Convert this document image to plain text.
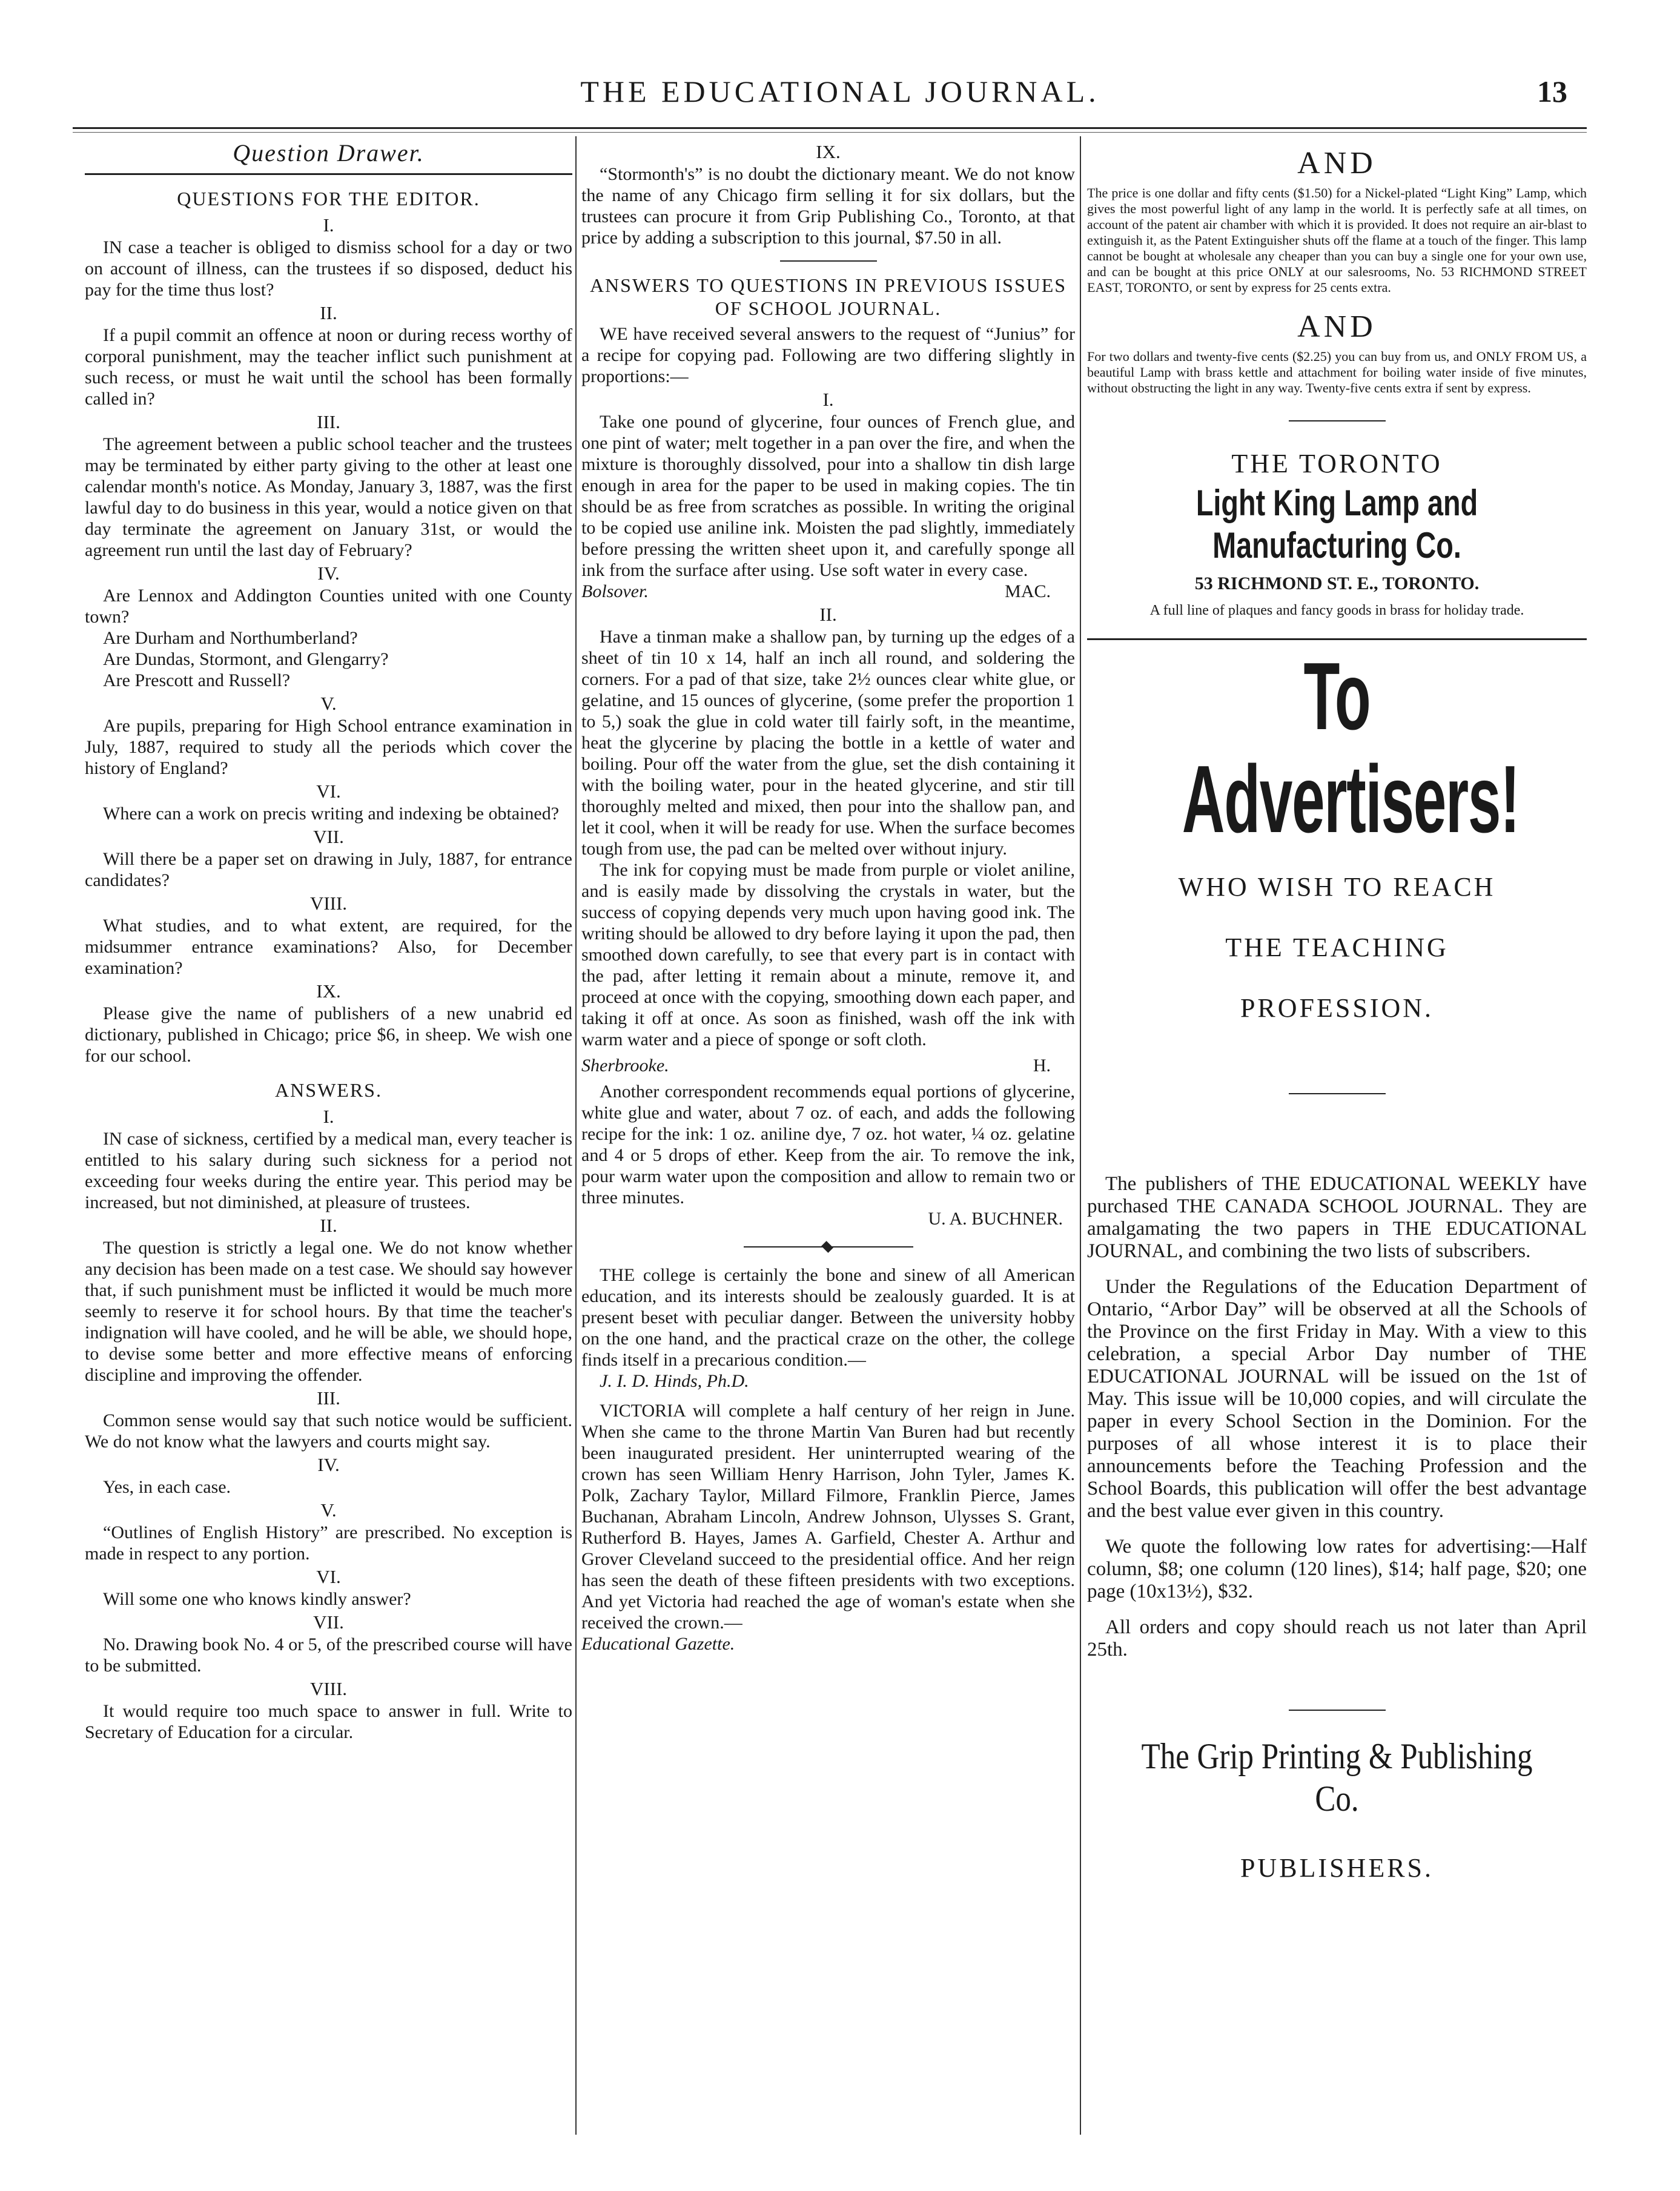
THE EDUCATIONAL JOURNAL.	13
Question Drawer.
QUESTIONS FOR THE EDITOR.
I.

IN case a teacher is obliged to dismiss school for a day or two on account of illness, can the trustees if so disposed, deduct his pay for the time thus lost?

II.

If a pupil commit an offence at noon or during recess worthy of corporal punishment, may the teacher inflict such punishment at such recess, or must he wait until the school has been formally called in?

III.

The agreement between a public school teacher and the trustees may be terminated by either party giving to the other at least one calendar month's notice. As Monday, January 3, 1887, was the first lawful day to do business in this year, would a notice given on that day terminate the agreement on January 31st, or would the agreement run until the last day of February?

IV.

Are Lennox and Addington Counties united with one County town?

Are Durham and Northumberland?

Are Dundas, Stormont, and Glengarry?

Are Prescott and Russell?

V.

Are pupils, preparing for High School entrance examination in July, 1887, required to study all the periods which cover the history of England?

VI.

Where can a work on precis writing and indexing be obtained?

VII.

Will there be a paper set on drawing in July, 1887, for entrance candidates?

VIII.

What studies, and to what extent, are required, for the midsummer entrance examinations? Also, for December examination?

IX.

Please give the name of publishers of a new unabrid ed dictionary, published in Chicago; price $6, in sheep. We wish one for our school.

ANSWERS.
I.

IN case of sickness, certified by a medical man, every teacher is entitled to his salary during such sickness for a period not exceeding four weeks during the entire year. This period may be increased, but not diminished, at pleasure of trustees.

II.

The question is strictly a legal one. We do not know whether any decision has been made on a test case. We should say however that, if such punishment must be inflicted it would be much more seemly to reserve it for school hours. By that time the teacher's indignation will have cooled, and he will be able, we should hope, to devise some better and more effective means of enforcing discipline and improving the offender.

III.

Common sense would say that such notice would be sufficient. We do not know what the lawyers and courts might say.

IV.

Yes, in each case.

V.

“Outlines of English History” are prescribed. No exception is made in respect to any portion.

VI.

Will some one who knows kindly answer?

VII.

No. Drawing book No. 4 or 5, of the prescribed course will have to be submitted.

VIII.

It would require too much space to answer in full. Write to Secretary of Education for a circular.

IX.

“Stormonth's” is no doubt the dictionary meant. We do not know the name of any Chicago firm selling it for six dollars, but the trustees can procure it from Grip Publishing Co., Toronto, at that price by adding a subscription to this journal, $7.50 in all.

ANSWERS TO QUESTIONS IN PREVIOUS ISSUES OF SCHOOL JOURNAL.

WE have received several answers to the request of “Junius” for a recipe for copying pad. Following are two differing slightly in proportions:—

I.

Take one pound of glycerine, four ounces of French glue, and one pint of water; melt together in a pan over the fire, and when the mixture is thoroughly dissolved, pour into a shallow tin dish large enough in area for the paper to be used in making copies. The tin should be as free from scratches as possible. In writing the original to be copied use aniline ink. Moisten the pad slightly, immediately before pressing the written sheet upon it, and carefully sponge all ink from the surface after using. Use soft water in every case.

Bolsover.	MAC.
II.

Have a tinman make a shallow pan, by turning up the edges of a sheet of tin 10 x 14, half an inch all round, and soldering the corners. For a pad of that size, take 2½ ounces clear white glue, or gelatine, and 15 ounces of glycerine, (some prefer the proportion 1 to 5,) soak the glue in cold water till fairly soft, in the meantime, heat the glycerine by placing the bottle in a kettle of water and boiling. Pour off the water from the glue, set the dish containing it with the boiling water, pour in the heated glycerine, and stir till thoroughly melted and mixed, then pour into the shallow pan, and let it cool, when it will be ready for use. When the surface becomes tough from use, the pad can be melted over without injury.

The ink for copying must be made from purple or violet aniline, and is easily made by dissolving the crystals in water, but the success of copying depends very much upon having good ink. The writing should be allowed to dry before laying it upon the pad, then smoothed down carefully, to see that every part is in contact with the pad, after letting it remain about a minute, remove it, and proceed at once with the copying, smoothing down each paper, and taking it off at once. As soon as finished, wash off the ink with warm water and a piece of sponge or soft cloth.

Sherbrooke.	H.

Another correspondent recommends equal portions of glycerine, white glue and water, about 7 oz. of each, and adds the following recipe for the ink: 1 oz. aniline dye, 7 oz. hot water, ¼ oz. gelatine and 4 or 5 drops of ether. Keep from the air. To remove the ink, pour warm water upon the composition and allow to remain two or three minutes.

U. A. BUCHNER.

THE college is certainly the bone and sinew of all American education, and its interests should be zealously guarded. It is at present beset with peculiar danger. Between the university hobby on the one hand, and the practical craze on the other, the college finds itself in a precarious condition.—

J. I. D. Hinds, Ph.D.

VICTORIA will complete a half century of her reign in June. When she came to the throne Martin Van Buren had but recently been inaugurated president. Her uninterrupted wearing of the crown has seen William Henry Harrison, John Tyler, James K. Polk, Zachary Taylor, Millard Filmore, Franklin Pierce, James Buchanan, Abraham Lincoln, Andrew Johnson, Ulysses S. Grant, Rutherford B. Hayes, James A. Garfield, Chester A. Arthur and Grover Cleveland succeed to the presidential office. And her reign has seen the death of these fifteen presidents with two exceptions. And yet Victoria had reached the age of woman's estate when she received the crown.—

Educational Gazette.

AND

The price is one dollar and fifty cents ($1.50) for a Nickel-plated “Light King” Lamp, which gives the most powerful light of any lamp in the world. It is perfectly safe at all times, on account of the patent air chamber with which it is provided. It does not require an air-blast to extinguish it, as the Patent Extinguisher shuts off the flame at a touch of the finger. This lamp cannot be bought at wholesale any cheaper than you can buy a single one for your own use, and can be bought at this price ONLY at our salesrooms, No. 53 RICHMOND STREET EAST, TORONTO, or sent by express for 25 cents extra.

AND

For two dollars and twenty-five cents ($2.25) you can buy from us, and ONLY FROM US, a beautiful Lamp with brass kettle and attachment for boiling water inside of five minutes, without obstructing the light in any way. Twenty-five cents extra if sent by express.

THE TORONTO
Light King Lamp and Manufacturing Co.

53 RICHMOND ST. E., TORONTO.

A full line of plaques and fancy goods in brass for holiday trade.

To Advertisers!
WHO WISH TO REACH
THE TEACHING
PROFESSION.

The publishers of THE EDUCATIONAL WEEKLY have purchased THE CANADA SCHOOL JOURNAL. They are amalgamating the two papers in THE EDUCATIONAL JOURNAL, and combining the two lists of subscribers.

Under the Regulations of the Education Department of Ontario, “Arbor Day” will be observed at all the Schools of the Province on the first Friday in May. With a view to this celebration, a special Arbor Day number of THE EDUCATIONAL JOURNAL will be issued on the 1st of May. This issue will be 10,000 copies, and will circulate the paper in every School Section in the Dominion. For the purposes of all whose interest it is to place their announcements before the Teaching Profession and the School Boards, this publication will offer the best advantage and the best value ever given in this country.

We quote the following low rates for advertising:—Half column, $8; one column (120 lines), $14; half page, $20; one page (10x13½), $32.

All orders and copy should reach us not later than April 25th.

The Grip Printing & Publishing Co.
PUBLISHERS.
